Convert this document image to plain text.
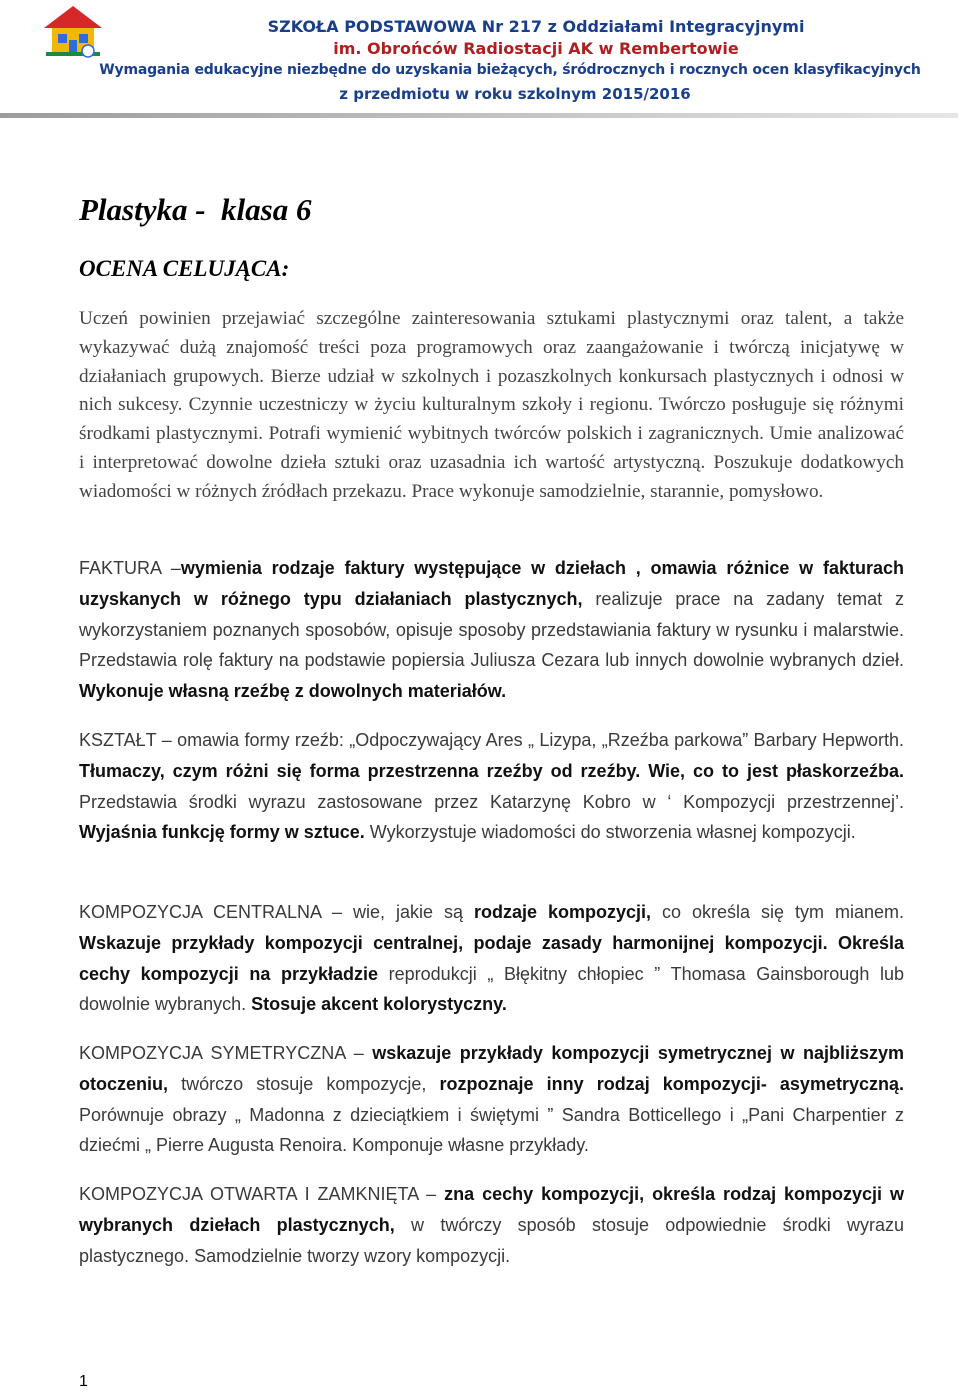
SZKOŁA PODSTAWOWA Nr 217 z Oddziałami Integracyjnymi
im. Obrońców Radiostacji AK w Rembertowie
Wymagania edukacyjne niezbędne do uzyskania bieżących, śródrocznych i rocznych ocen klasyfikacyjnych
z przedmiotu w roku szkolnym 2015/2016
Plastyka -  klasa 6
OCENA CELUJĄCA:

Uczeń powinien przejawiać szczególne zainteresowania sztukami plastycznymi oraz talent, a także wykazywać dużą znajomość treści poza programowych oraz zaangażowanie i twórczą inicjatywę w działaniach grupowych. Bierze udział w szkolnych i pozaszkolnych konkursach plastycznych i odnosi w nich sukcesy. Czynnie uczestniczy w życiu kulturalnym szkoły i regionu. Twórczo posługuje się różnymi środkami plastycznymi. Potrafi wymienić wybitnych twórców polskich i zagranicznych. Umie analizować i interpretować dowolne dzieła sztuki oraz uzasadnia ich wartość artystyczną. Poszukuje dodatkowych wiadomości w różnych źródłach przekazu. Prace wykonuje samodzielnie, starannie, pomysłowo.

FAKTURA –wymienia rodzaje faktury występujące w dziełach , omawia różnice w fakturach uzyskanych w różnego typu działaniach plastycznych, realizuje prace na zadany temat z wykorzystaniem poznanych sposobów, opisuje sposoby przedstawiania faktury w rysunku i malarstwie. Przedstawia rolę faktury na podstawie popiersia Juliusza Cezara lub innych dowolnie wybranych dzieł. Wykonuje własną rzeźbę z dowolnych materiałów.

KSZTAŁT – omawia formy rzeźb: „Odpoczywający Ares „ Lizypa, „Rzeźba parkowa” Barbary Hepworth. Tłumaczy, czym różni się forma przestrzenna rzeźby od rzeźby. Wie, co to jest płaskorzeźba. Przedstawia środki wyrazu zastosowane przez Katarzynę Kobro w ‘ Kompozycji przestrzennej’. Wyjaśnia funkcję formy w sztuce. Wykorzystuje wiadomości do stworzenia własnej kompozycji.

KOMPOZYCJA CENTRALNA – wie, jakie są rodzaje kompozycji, co określa się tym mianem. Wskazuje przykłady kompozycji centralnej, podaje zasady harmonijnej kompozycji. Określa cechy kompozycji na przykładzie reprodukcji „ Błękitny chłopiec ” Thomasa Gainsborough lub dowolnie wybranych. Stosuje akcent kolorystyczny.

KOMPOZYCJA SYMETRYCZNA – wskazuje przykłady kompozycji symetrycznej w najbliższym otoczeniu, twórczo stosuje kompozycje, rozpoznaje inny rodzaj kompozycji- asymetryczną. Porównuje obrazy „ Madonna z dzieciątkiem i świętymi ” Sandra Botticellego i „Pani Charpentier z dziećmi „ Pierre Augusta Renoira. Komponuje własne przykłady.

KOMPOZYCJA OTWARTA I ZAMKNIĘTA – zna cechy kompozycji, określa rodzaj kompozycji w wybranych dziełach plastycznych, w twórczy sposób stosuje odpowiednie środki wyrazu plastycznego. Samodzielnie tworzy wzory kompozycji.

1
